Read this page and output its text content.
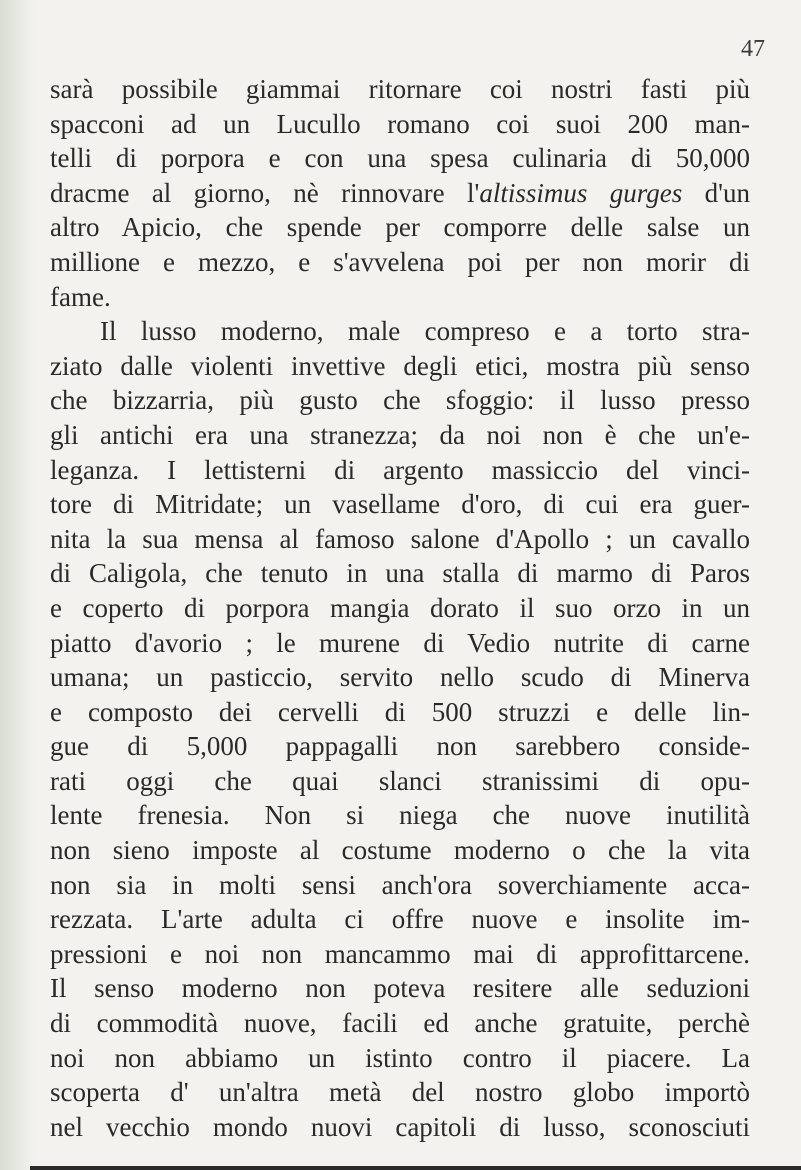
47
sarà possibile giammai ritornare coi nostri fasti più
spacconi ad un Lucullo romano coi suoi 200 man-
telli di porpora e con una spesa culinaria di 50,000
dracme al giorno, nè rinnovare l'altissimus gurges d'un
altro Apicio, che spende per comporre delle salse un
millione e mezzo, e s'avvelena poi per non morir di
fame.
Il lusso moderno, male compreso e a torto stra-
ziato dalle violenti invettive degli etici, mostra più senso
che bizzarria, più gusto che sfoggio: il lusso presso
gli antichi era una stranezza; da noi non è che un'e-
leganza. I lettisterni di argento massiccio del vinci-
tore di Mitridate; un vasellame d'oro, di cui era guer-
nita la sua mensa al famoso salone d'Apollo ; un cavallo
di Caligola, che tenuto in una stalla di marmo di Paros
e coperto di porpora mangia dorato il suo orzo in un
piatto d'avorio ; le murene di Vedio nutrite di carne
umana; un pasticcio, servito nello scudo di Minerva
e composto dei cervelli di 500 struzzi e delle lin-
gue di 5,000 pappagalli non sarebbero conside-
rati oggi che quai slanci stranissimi di opu-
lente frenesia. Non si niega che nuove inutilità
non sieno imposte al costume moderno o che la vita
non sia in molti sensi anch'ora soverchiamente acca-
rezzata. L'arte adulta ci offre nuove e insolite im-
pressioni e noi non mancammo mai di approfittarcene.
Il senso moderno non poteva resitere alle seduzioni
di commodità nuove, facili ed anche gratuite, perchè
noi non abbiamo un istinto contro il piacere. La
scoperta d' un'altra metà del nostro globo importò
nel vecchio mondo nuovi capitoli di lusso, sconosciuti
